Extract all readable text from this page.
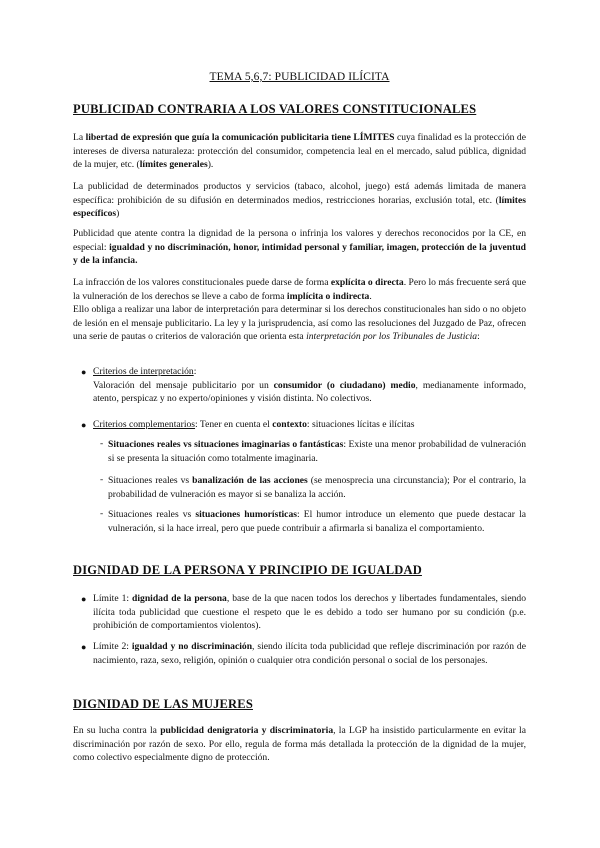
TEMA 5,6,7: PUBLICIDAD ILÍCITA
PUBLICIDAD CONTRARIA A LOS VALORES CONSTITUCIONALES
La libertad de expresión que guía la comunicación publicitaria tiene LÍMITES cuya finalidad es la protección de intereses de diversa naturaleza: protección del consumidor, competencia leal en el mercado, salud pública, dignidad de la mujer, etc. (límites generales).
La publicidad de determinados productos y servicios (tabaco, alcohol, juego) está además limitada de manera específica: prohibición de su difusión en determinados medios, restricciones horarias, exclusión total, etc. (límites específicos)
Publicidad que atente contra la dignidad de la persona o infrinja los valores y derechos reconocidos por la CE, en especial: igualdad y no discriminación, honor, intimidad personal y familiar, imagen, protección de la juventud y de la infancia.
La infracción de los valores constitucionales puede darse de forma explícita o directa. Pero lo más frecuente será que la vulneración de los derechos se lleve a cabo de forma implícita o indirecta.
Ello obliga a realizar una labor de interpretación para determinar si los derechos constitucionales han sido o no objeto de lesión en el mensaje publicitario. La ley y la jurisprudencia, así como las resoluciones del Juzgado de Paz, ofrecen una serie de pautas o criterios de valoración que orienta esta interpretación por los Tribunales de Justicia:
● Criterios de interpretación:
Valoración del mensaje publicitario por un consumidor (o ciudadano) medio, medianamente informado, atento, perspicaz y no experto/opiniones y visión distinta. No colectivos.
● Criterios complementarios: Tener en cuenta el contexto: situaciones lícitas e ilícitas
- Situaciones reales vs situaciones imaginarias o fantásticas: Existe una menor probabilidad de vulneración si se presenta la situación como totalmente imaginaria.
- Situaciones reales vs banalización de las acciones (se menosprecia una circunstancia); Por el contrario, la probabilidad de vulneración es mayor si se banaliza la acción.
- Situaciones reales vs situaciones humorísticas: El humor introduce un elemento que puede destacar la vulneración, si la hace irreal, pero que puede contribuir a afirmarla si banaliza el comportamiento.
DIGNIDAD DE LA PERSONA Y PRINCIPIO DE IGUALDAD
● Límite 1: dignidad de la persona, base de la que nacen todos los derechos y libertades fundamentales, siendo ilícita toda publicidad que cuestione el respeto que le es debido a todo ser humano por su condición (p.e. prohibición de comportamientos violentos).
● Límite 2: igualdad y no discriminación, siendo ilícita toda publicidad que refleje discriminación por razón de nacimiento, raza, sexo, religión, opinión o cualquier otra condición personal o social de los personajes.
DIGNIDAD DE LAS MUJERES
En su lucha contra la publicidad denigratoria y discriminatoria, la LGP ha insistido particularmente en evitar la discriminación por razón de sexo. Por ello, regula de forma más detallada la protección de la dignidad de la mujer, como colectivo especialmente digno de protección.
